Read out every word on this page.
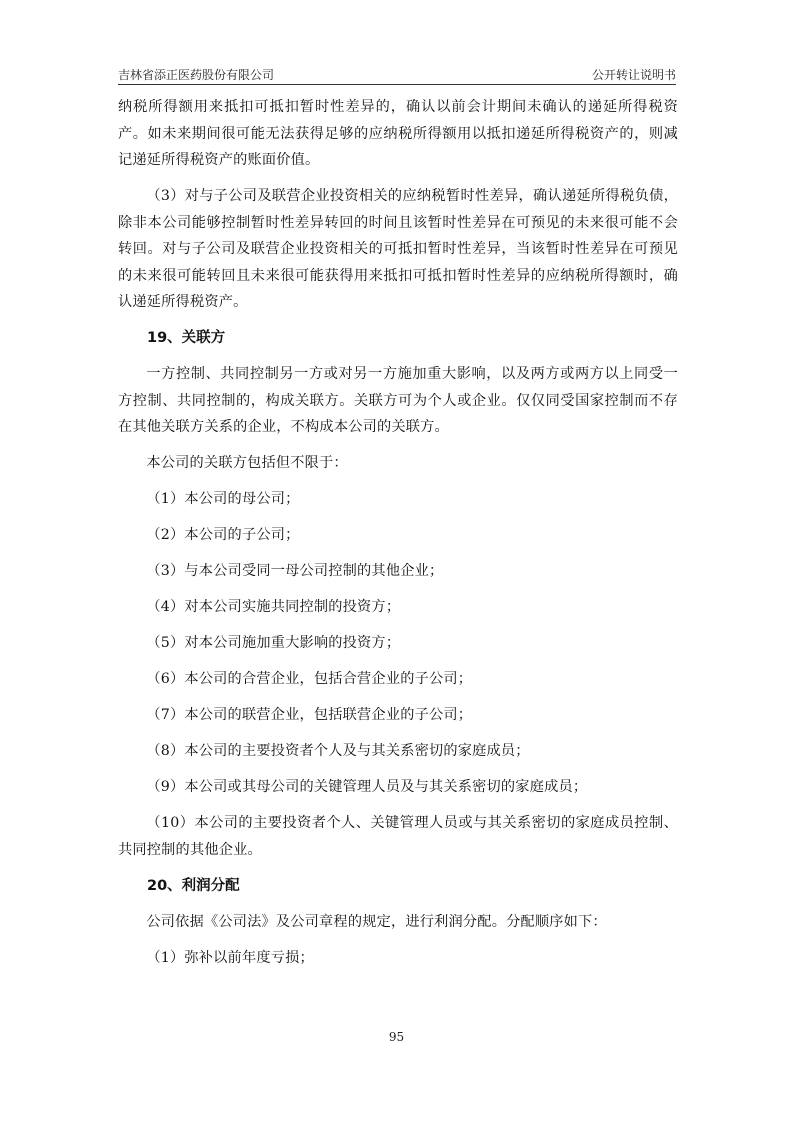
吉林省添正医药股份有限公司	公开转让说明书

纳税所得额用来抵扣可抵扣暂时性差异的，确认以前会计期间未确认的递延所得税资产。如未来期间很可能无法获得足够的应纳税所得额用以抵扣递延所得税资产的，则减记递延所得税资产的账面价值。

（3）对与子公司及联营企业投资相关的应纳税暂时性差异，确认递延所得税负债，除非本公司能够控制暂时性差异转回的时间且该暂时性差异在可预见的未来很可能不会转回。对与子公司及联营企业投资相关的可抵扣暂时性差异，当该暂时性差异在可预见的未来很可能转回且未来很可能获得用来抵扣可抵扣暂时性差异的应纳税所得额时，确认递延所得税资产。

19、关联方

一方控制、共同控制另一方或对另一方施加重大影响，以及两方或两方以上同受一方控制、共同控制的，构成关联方。关联方可为个人或企业。仅仅同受国家控制而不存在其他关联方关系的企业，不构成本公司的关联方。

本公司的关联方包括但不限于：

（1）本公司的母公司；

（2）本公司的子公司；

（3）与本公司受同一母公司控制的其他企业；

（4）对本公司实施共同控制的投资方；

（5）对本公司施加重大影响的投资方；

（6）本公司的合营企业，包括合营企业的子公司；

（7）本公司的联营企业，包括联营企业的子公司；

（8）本公司的主要投资者个人及与其关系密切的家庭成员；

（9）本公司或其母公司的关键管理人员及与其关系密切的家庭成员；

（10）本公司的主要投资者个人、关键管理人员或与其关系密切的家庭成员控制、共同控制的其他企业。

20、利润分配

公司依据《公司法》及公司章程的规定，进行利润分配。分配顺序如下：

（1）弥补以前年度亏损；

95
